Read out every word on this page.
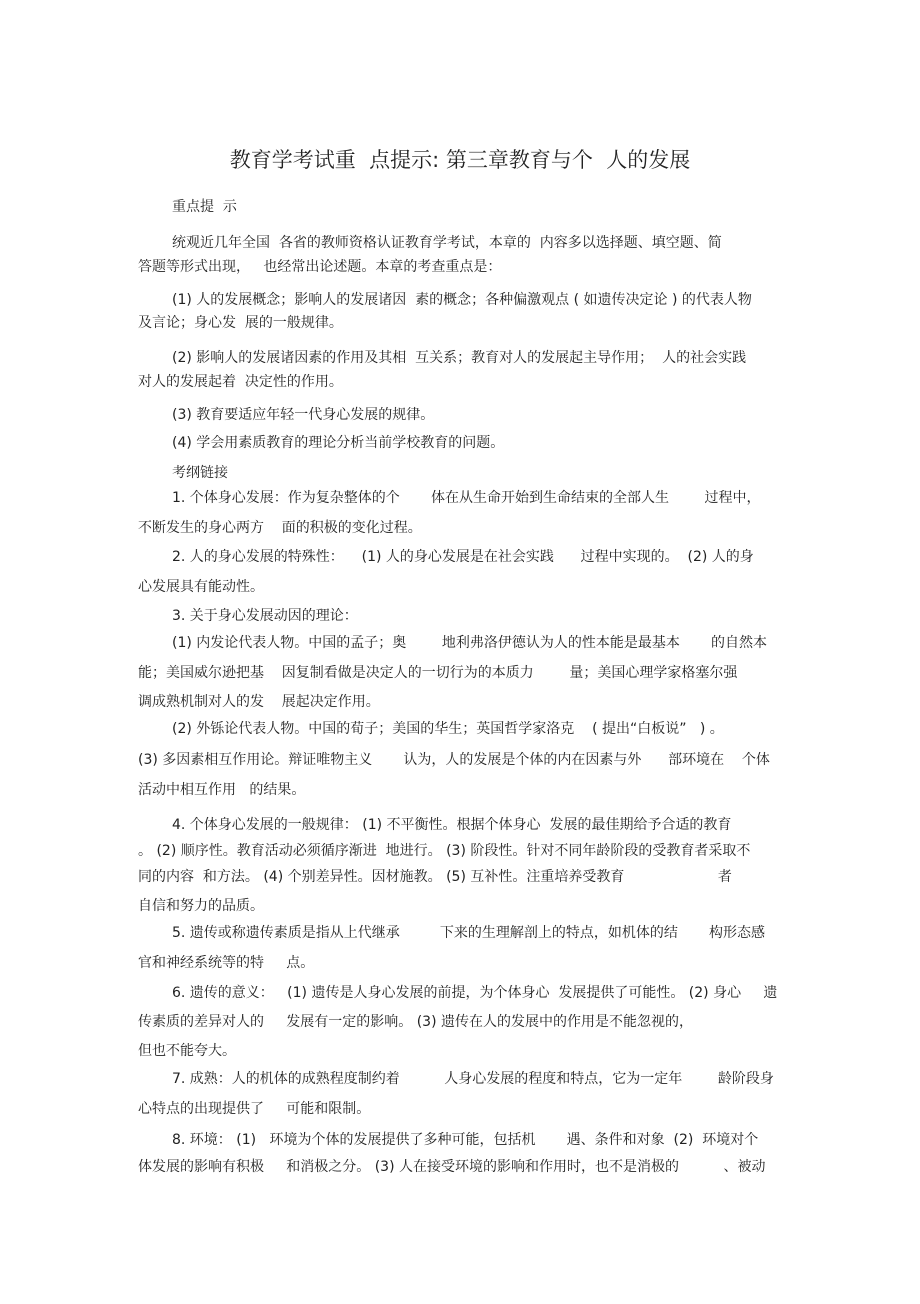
教育学考试重  点提示: 第三章教育与个  人的发展
重点提  示
统观近几年全国  各省的教师资格认证教育学考试，本章的  内容多以选择题、填空题、简
答题等形式出现，   也经常出论述题。本章的考查重点是：
(1) 人的发展概念；影响人的发展诸因  素的概念；各种偏激观点 ( 如遗传决定论 ) 的代表人物
及言论；身心发  展的一般规律。
(2) 影响人的发展诸因素的作用及其相  互关系；教育对人的发展起主导作用；  人的社会实践
对人的发展起着  决定性的作用。
(3) 教育要适应年轻一代身心发展的规律。
(4) 学会用素质教育的理论分析当前学校教育的问题。
考纲链接
1. 个体身心发展：作为复杂整体的个       体在从生命开始到生命结束的全部人生        过程中，
不断发生的身心两方    面的积极的变化过程。
2. 人的身心发展的特殊性：    (1) 人的身心发展是在社会实践      过程中实现的。  (2) 人的身
心发展具有能动性。
3. 关于身心发展动因的理论：
(1) 内发论代表人物。中国的孟子；奥        地利弗洛伊德认为人的性本能是最基本       的自然本
能；美国威尔逊把基    因复制看做是决定人的一切行为的本质力        量；美国心理学家格塞尔强
调成熟机制对人的发    展起决定作用。
(2) 外铄论代表人物。中国的荀子；美国的华生；英国哲学家洛克    ( 提出“白板说”   ) 。
(3) 多因素相互作用论。辩证唯物主义       认为，人的发展是个体的内在因素与外      部环境在    个体
活动中相互作用   的结果。
4. 个体身心发展的一般规律： (1) 不平衡性。根据个体身心  发展的最佳期给予合适的教育
。 (2) 顺序性。教育活动必须循序渐进  地进行。 (3) 阶段性。针对不同年龄阶段的受教育者采取不
同的内容  和方法。 (4) 个别差异性。因材施教。 (5) 互补性。注重培养受教育                     者
自信和努力的品质。
5. 遗传或称遗传素质是指从上代继承         下来的生理解剖上的特点，如机体的结       构形态感
官和神经系统等的特     点。
6. 遗传的意义：   (1) 遗传是人身心发展的前提，为个体身心  发展提供了可能性。 (2) 身心     遗
传素质的差异对人的     发展有一定的影响。 (3) 遗传在人的发展中的作用是不能忽视的，
但也不能夸大。
7. 成熟：人的机体的成熟程度制约着          人身心发展的程度和特点，它为一定年        龄阶段身
心特点的出现提供了     可能和限制。
8. 环境： (1)   环境为个体的发展提供了多种可能，包括机       遇、条件和对象  (2)  环境对个
体发展的影响有积极     和消极之分。 (3) 人在接受环境的影响和作用时，也不是消极的          、被动
